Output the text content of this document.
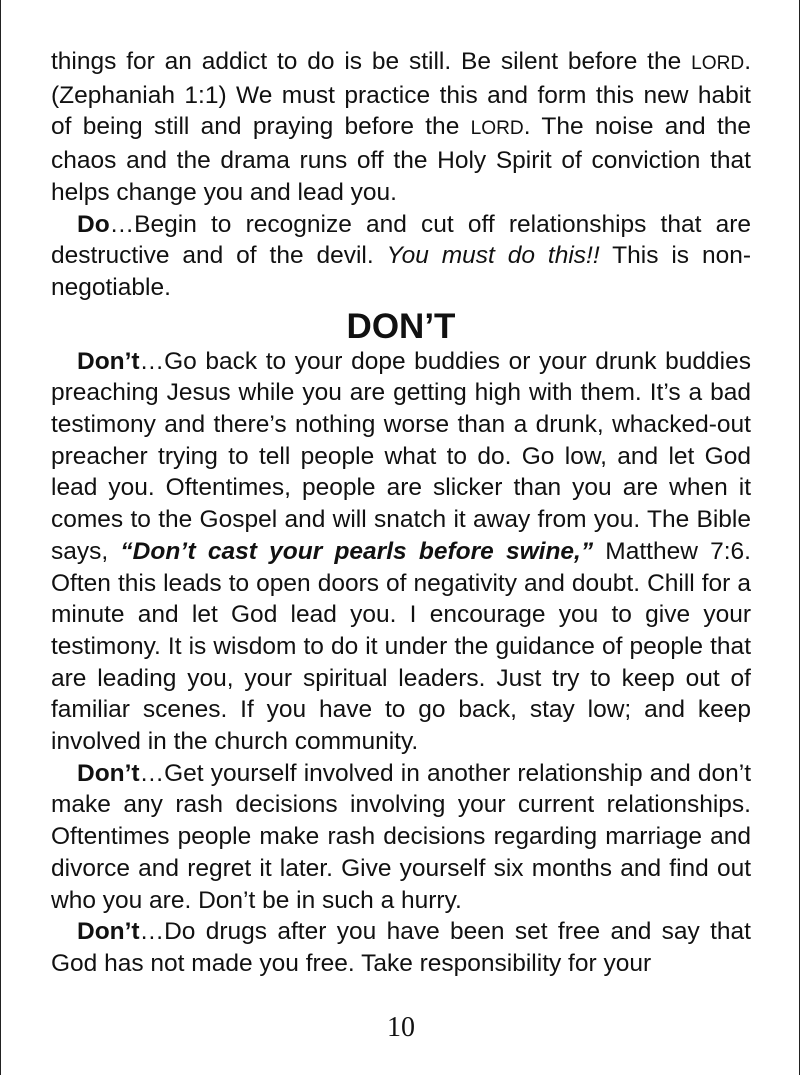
things for an addict to do is be still. Be silent before the LORD. (Zephaniah 1:1) We must practice this and form this new habit of being still and praying before the LORD. The noise and the chaos and the drama runs off the Holy Spirit of conviction that helps change you and lead you.

Do…Begin to recognize and cut off relationships that are destructive and of the devil. You must do this!! This is non-negotiable.

DON’T

Don’t…Go back to your dope buddies or your drunk buddies preaching Jesus while you are getting high with them. It’s a bad testimony and there’s nothing worse than a drunk, whacked-out preacher trying to tell people what to do. Go low, and let God lead you. Oftentimes, people are slicker than you are when it comes to the Gospel and will snatch it away from you. The Bible says, “Don’t cast your pearls before swine,” Matthew 7:6. Often this leads to open doors of negativity and doubt. Chill for a minute and let God lead you. I encourage you to give your testimony. It is wisdom to do it under the guidance of people that are leading you, your spiritual leaders. Just try to keep out of familiar scenes. If you have to go back, stay low; and keep involved in the church community.

Don’t…Get yourself involved in another relationship and don’t make any rash decisions involving your current relationships. Oftentimes people make rash decisions regarding marriage and divorce and regret it later. Give yourself six months and find out who you are. Don’t be in such a hurry.

Don’t…Do drugs after you have been set free and say that God has not made you free. Take responsibility for your

10
